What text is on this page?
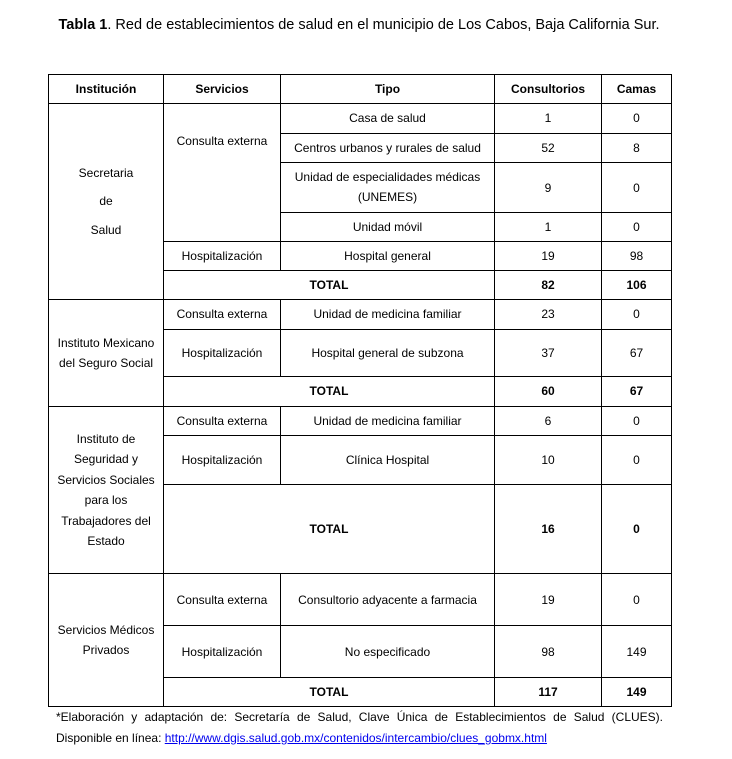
Tabla 1. Red de establecimientos de salud en el municipio de Los Cabos, Baja California Sur.
Institución	Servicios	Tipo	Consultorios	Camas

Secretaria
de
Salud	Consulta externa	Casa de salud	1	0
		Centros urbanos y rurales de salud	52	8
		Unidad de especialidades médicas (UNEMES)	9	0
		Unidad móvil	1	0
	Hospitalización	Hospital general	19	98
	TOTAL		82	106
Instituto Mexicano del Seguro Social	Consulta externa	Unidad de medicina familiar	23	0
	Hospitalización	Hospital general de subzona	37	67
	TOTAL		60	67
Instituto de Seguridad y Servicios Sociales para los Trabajadores del Estado	Consulta externa	Unidad de medicina familiar	6	0
	Hospitalización	Clínica Hospital	10	0
	TOTAL		16	0
Servicios Médicos Privados	Consulta externa	Consultorio adyacente a farmacia	19	0
	Hospitalización	No especificado	98	149
	TOTAL		117	149
*Elaboración y adaptación de: Secretaría de Salud, Clave Única de Establecimientos de Salud (CLUES).
Disponible en línea: http://www.dgis.salud.gob.mx/contenidos/intercambio/clues_gobmx.html
